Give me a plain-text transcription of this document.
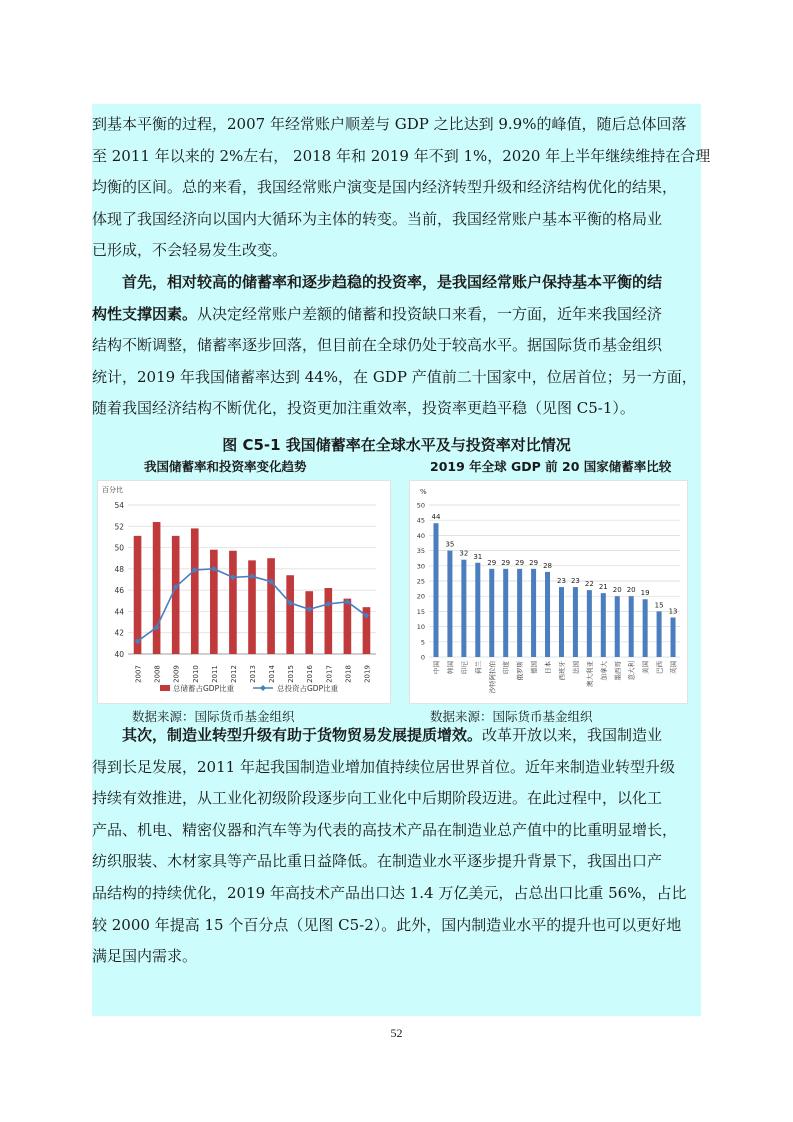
到基本平衡的过程，2007 年经常账户顺差与 GDP 之比达到 9.9%的峰值，随后总体回落
至 2011 年以来的 2%左右， 2018 年和 2019 年不到 1%，2020 年上半年继续维持在合理
均衡的区间。总的来看，我国经常账户演变是国内经济转型升级和经济结构优化的结果，
体现了我国经济向以国内大循环为主体的转变。当前，我国经常账户基本平衡的格局业
已形成，不会轻易发生改变。
首先，相对较高的储蓄率和逐步趋稳的投资率，是我国经常账户保持基本平衡的结
构性支撑因素。从决定经常账户差额的储蓄和投资缺口来看，一方面，近年来我国经济
结构不断调整，储蓄率逐步回落，但目前在全球仍处于较高水平。据国际货币基金组织
统计，2019 年我国储蓄率达到 44%，在 GDP 产值前二十国家中，位居首位；另一方面，
随着我国经济结构不断优化，投资更加注重效率，投资率更趋平稳（见图 C5-1）。
图 C5-1 我国储蓄率在全球水平及与投资率对比情况
我国储蓄率和投资率变化趋势	2019 年全球 GDP 前 20 国家储蓄率比较
百分比
40
42
44
46
48
50
52
54
2007 2008 2009 2010 2011 2012 2013 2014 2015 2016 2017 2018 2019
总储蓄占GDP比重	总投资占GDP比重
%
0
5
10
15
20
25
30
35
40
45
50
44
中国
35
韩国
32
印尼
31
荷兰
29
沙特阿拉伯
29
印度
29
俄罗斯
29
德国
28
日本
23
西班牙
23
法国
22
澳大利亚
21
加拿大
20
墨西哥
20
意大利
19
美国
15
巴西
13
英国
数据来源：国际货币基金组织	数据来源：国际货币基金组织
其次，制造业转型升级有助于货物贸易发展提质增效。改革开放以来，我国制造业
得到长足发展，2011 年起我国制造业增加值持续位居世界首位。近年来制造业转型升级
持续有效推进，从工业化初级阶段逐步向工业化中后期阶段迈进。在此过程中，以化工
产品、机电、精密仪器和汽车等为代表的高技术产品在制造业总产值中的比重明显增长，
纺织服装、木材家具等产品比重日益降低。在制造业水平逐步提升背景下，我国出口产
品结构的持续优化，2019 年高技术产品出口达 1.4 万亿美元，占总出口比重 56%，占比
较 2000 年提高 15 个百分点（见图 C5-2）。此外，国内制造业水平的提升也可以更好地
满足国内需求。
52
